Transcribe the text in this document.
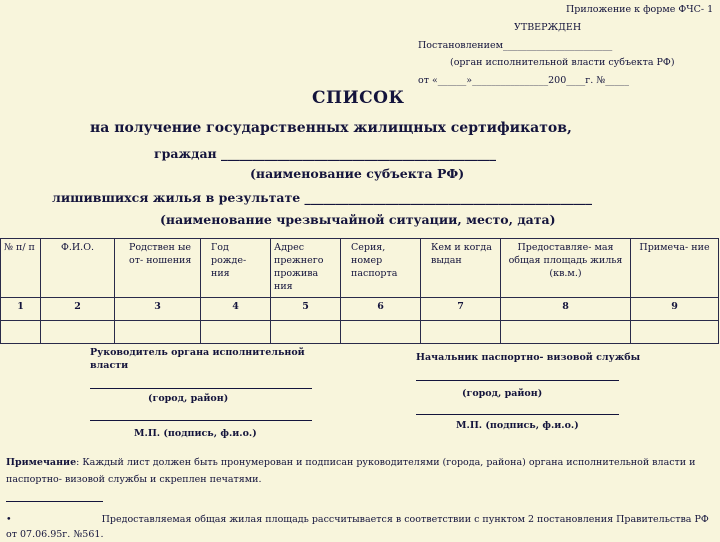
Приложение к форме ФЧС- 1
УТВЕРЖДЕН
Постановлением_______________________
(орган исполнительной власти субъекта РФ)
от «______»________________200____г. №_____
СПИСОК
на получение государственных жилищных сертификатов,
граждан ____________________________________________
(наименование субъекта РФ)
лишившихся жилья в результате ______________________________________________
(наименование чрезвычайной ситуации, место, дата)
№ п/ п	Ф.И.О.	Родствен ые от- ношения	Год рожде- ния	Адрес прежнего прожива ния	Серия, номер паспорта	Кем и когда выдан	Предоставляе- мая общая площадь жилья (кв.м.)	Примеча- ние
1	2	3	4	5	6	7	8	9

Руководитель органа исполнительной власти
(город, район)
М.П. (подпись, ф.и.о.)
Начальник паспортно- визовой службы
(город, район)
М.П. (подпись, ф.и.о.)
Примечание: Каждый лист должен быть пронумерован и подписан руководителями (города, района) органа исполнительной власти и паспортно- визовой службы и скреплен печатями.
•	Предоставляемая общая жилая площадь рассчитывается в соответствии с пунктом 2 постановления Правительства РФ от 07.06.95г. №561.
